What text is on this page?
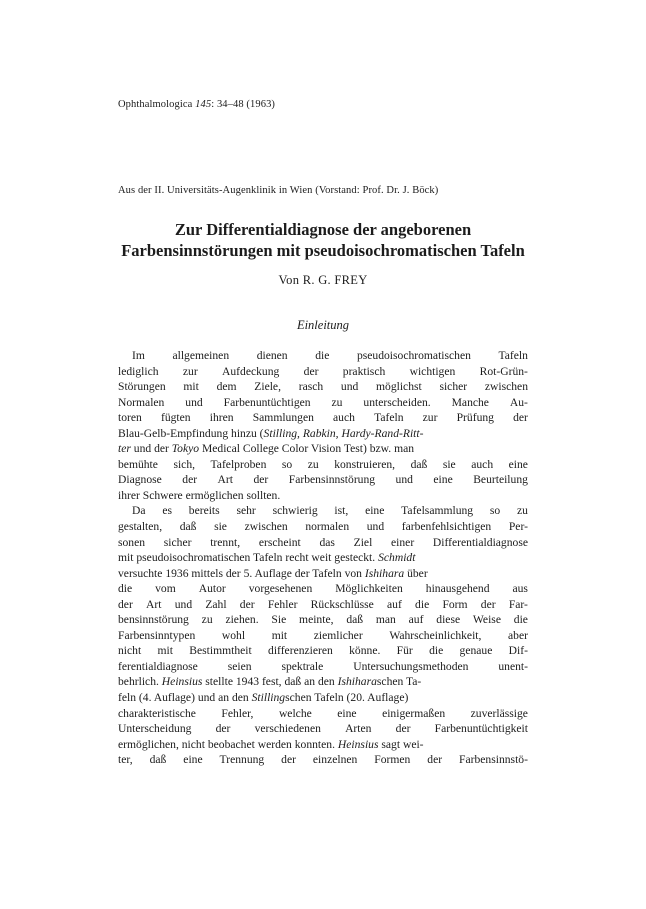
Ophthalmologica 145: 34–48 (1963)
Aus der II. Universitäts-Augenklinik in Wien (Vorstand: Prof. Dr. J. Böck)
Zur Differentialdiagnose der angeborenen
Farbensinnstörungen mit pseudoisochromatischen Tafeln
Von R. G. FREY
Einleitung
Im allgemeinen dienen die pseudoisochromatischen Tafeln
lediglich zur Aufdeckung der praktisch wichtigen Rot-Grün-
Störungen mit dem Ziele, rasch und möglichst sicher zwischen
Normalen und Farbenuntüchtigen zu unterscheiden. Manche Au-
toren fügten ihren Sammlungen auch Tafeln zur Prüfung der
Blau-Gelb-Empfindung hinzu (Stilling, Rabkin, Hardy-Rand-Ritt-
ter und der Tokyo Medical College Color Vision Test) bzw. man
bemühte sich, Tafelproben so zu konstruieren, daß sie auch eine
Diagnose der Art der Farbensinnstörung und eine Beurteilung
ihrer Schwere ermöglichen sollten.
Da es bereits sehr schwierig ist, eine Tafelsammlung so zu
gestalten, daß sie zwischen normalen und farbenfehlsichtigen Per-
sonen sicher trennt, erscheint das Ziel einer Differentialdiagnose
mit pseudoisochromatischen Tafeln recht weit gesteckt. Schmidt
versuchte 1936 mittels der 5. Auflage der Tafeln von Ishihara über
die vom Autor vorgesehenen Möglichkeiten hinausgehend aus
der Art und Zahl der Fehler Rückschlüsse auf die Form der Far-
bensinnstörung zu ziehen. Sie meinte, daß man auf diese Weise die
Farbensinntypen wohl mit ziemlicher Wahrscheinlichkeit, aber
nicht mit Bestimmtheit differenzieren könne. Für die genaue Dif-
ferentialdiagnose	seien	spektrale	Untersuchungsmethoden	unent-
behrlich. Heinsius stellte 1943 fest, daß an den Ishiharaschen Ta-
feln (4. Auflage) und an den Stillingschen Tafeln (20. Auflage)
charakteristische Fehler, welche eine einigermaßen zuverlässige
Unterscheidung der verschiedenen Arten der Farbenuntüchtigkeit
ermöglichen, nicht beobachet werden konnten. Heinsius sagt wei-
ter, daß eine Trennung der einzelnen Formen der Farbensinnstö-
